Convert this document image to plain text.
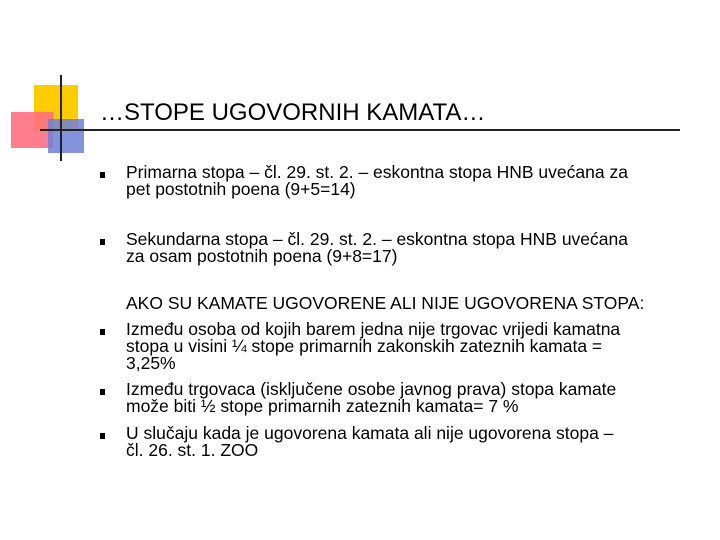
…STOPE UGOVORNIH KAMATA…
Primarna stopa – čl. 29. st. 2. – eskontna stopa HNB uvećana za
pet postotnih poena (9+5=14)
Sekundarna stopa – čl. 29. st. 2. – eskontna stopa HNB uvećana
za osam postotnih poena (9+8=17)
AKO SU KAMATE UGOVORENE ALI NIJE UGOVORENA STOPA:
Između osoba od kojih barem jedna nije trgovac vrijedi kamatna
stopa u visini ¼ stope primarnih zakonskih zateznih kamata =
3,25%
Između trgovaca (isključene osobe javnog prava) stopa kamate
može biti ½ stope primarnih zateznih kamata= 7 %
U slučaju kada je ugovorena kamata ali nije ugovorena stopa –
čl. 26. st. 1. ZOO
